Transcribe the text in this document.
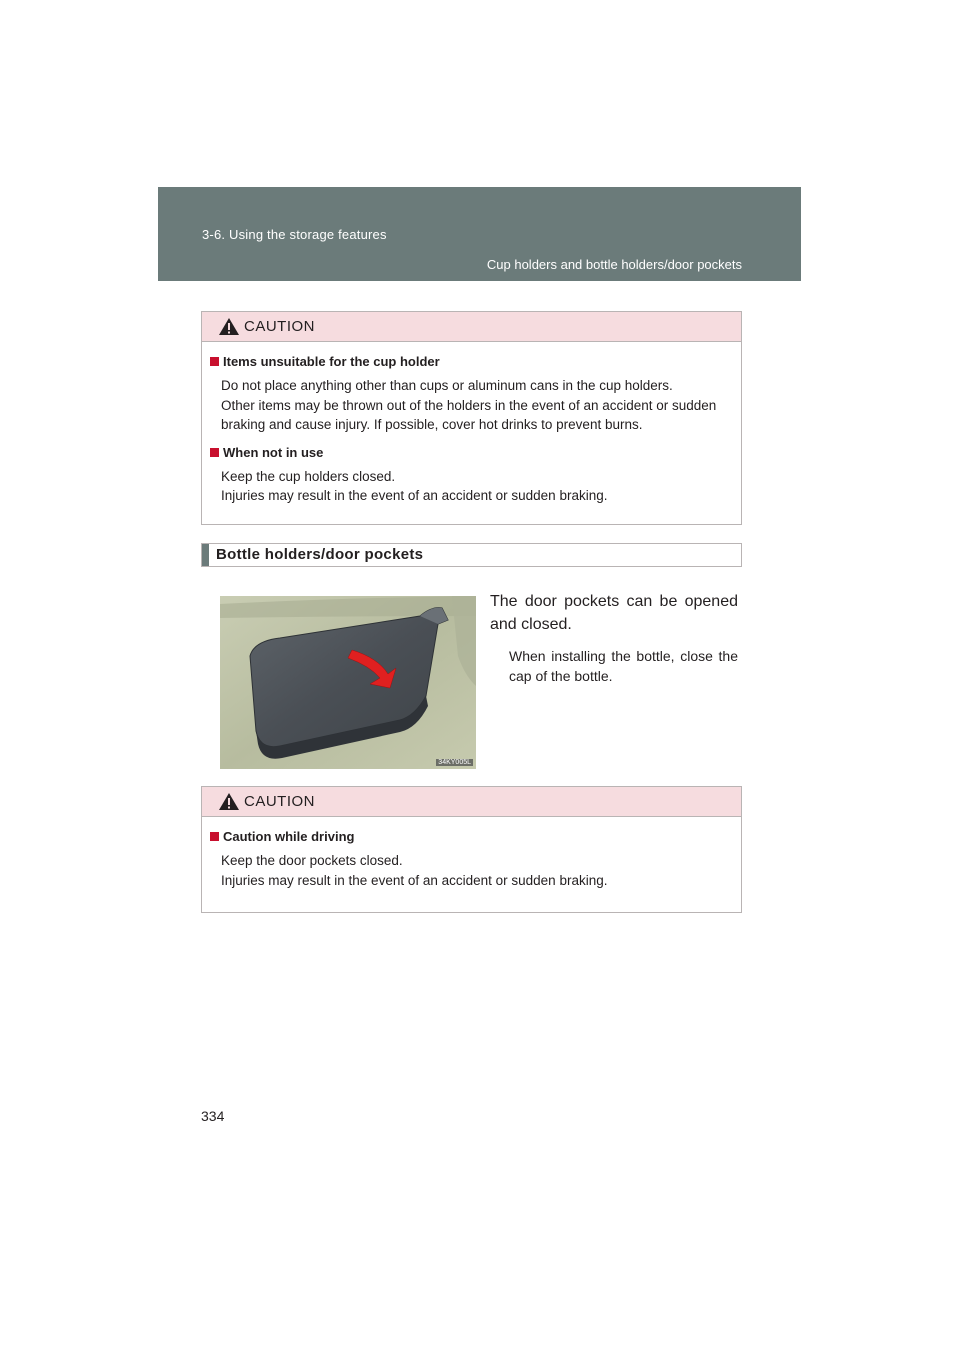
3-6. Using the storage features
Cup holders and bottle holders/door pockets
CAUTION
Items unsuitable for the cup holder

Do not place anything other than cups or aluminum cans in the cup holders.

Other items may be thrown out of the holders in the event of an accident or sudden braking and cause injury. If possible, cover hot drinks to prevent burns.

When not in use

Keep the cup holders closed.

Injuries may result in the event of an accident or sudden braking.

Bottle holders/door pockets
34KY005L
The door pockets can be opened and closed.
When installing the bottle, close the cap of the bottle.
CAUTION
Caution while driving

Keep the door pockets closed.

Injuries may result in the event of an accident or sudden braking.

334
